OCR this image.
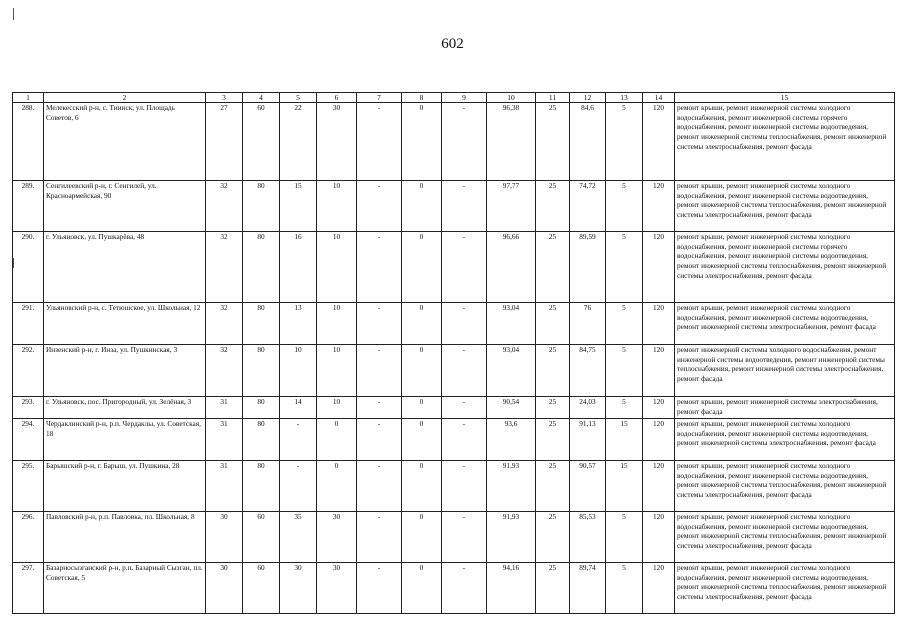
602
1	2	3	4	5	6	7	8	9	10	11	12	13	14	15
288.	Мелекесский р-н, с. Тиинск, ул. Площадь Советов, 6	27	60	22	30	-	0	-	96,38	25	84,6	5	120	ремонт крыши, ремонт инженерной системы холодного водоснабжения, ремонт инженерной системы горячего водоснабжения, ремонт инженерной системы водоотведения, ремонт инженерной системы теплоснабжения, ремонт инженерной системы электроснабжения, ремонт фасада
289.	Сенгилеевский р-н, г. Сенгилей, ул. Красноармейская, 90	32	80	15	10	-	0	-	97,77	25	74,72	5	120	ремонт крыши, ремонт инженерной системы холодного водоснабжения, ремонт инженерной системы водоотведения, ремонт инженерной системы теплоснабжения, ремонт инженерной системы электроснабжения, ремонт фасада
290.	г. Ульяновск, ул. Пушкарёва, 48	32	80	16	10	-	0	-	96,66	25	89,59	5	120	ремонт крыши, ремонт инженерной системы холодного водоснабжения, ремонт инженерной системы горячего водоснабжения, ремонт инженерной системы водоотведения, ремонт инженерной системы теплоснабжения, ремонт инженерной системы электроснабжения, ремонт фасада
291.	Ульяновский р-н, с. Тетюшское, ул. Школьная, 12	32	80	13	10	-	0	-	93,04	25	76	5	120	ремонт крыши, ремонт инженерной системы холодного водоснабжения, ремонт инженерной системы водоотведения, ремонт инженерной системы электроснабжения, ремонт фасада
292.	Инзенский р-н, г. Инза, ул. Пушкинская, 3	32	80	10	10	-	0	-	93,04	25	84,75	5	120	ремонт инженерной системы холодного водоснабжения, ремонт инженерной системы водоотведения, ремонт инженерной системы теплоснабжения, ремонт инженерной системы электроснабжения, ремонт фасада
293.	г. Ульяновск, пос. Пригородный, ул. Зелёная, 3	31	80	14	10	-	0	-	90,54	25	24,03	5	120	ремонт крыши, ремонт инженерной системы электроснабжения, ремонт фасада
294.	Чердаклинский р-н, р.п. Чердаклы, ул. Советская, 18	31	80	-	0	-	0	-	93,6	25	91,13	15	120	ремонт крыши, ремонт инженерной системы холодного водоснабжения, ремонт инженерной системы водоотведения, ремонт инженерной системы электроснабжения, ремонт фасада
295.	Барышский р-н, г. Барыш, ул. Пушкина, 28	31	80	-	0	-	0	-	91,93	25	90,57	15	120	ремонт крыши, ремонт инженерной системы холодного водоснабжения, ремонт инженерной системы водоотведения, ремонт инженерной системы теплоснабжения, ремонт инженерной системы электроснабжения, ремонт фасада
296.	Павловский р-н, р.п. Павловка, пл. Школьная, 8	30	60	35	30	-	0	-	91,93	25	85,53	5	120	ремонт крыши, ремонт инженерной системы холодного водоснабжения, ремонт инженерной системы водоотведения, ремонт инженерной системы теплоснабжения, ремонт инженерной системы электроснабжения, ремонт фасада
297.	Базарносызганский р-н, р.п. Базарный Сызган, пл. Советская, 5	30	60	30	30	-	0	-	94,16	25	89,74	5	120	ремонт крыши, ремонт инженерной системы холодного водоснабжения, ремонт инженерной системы водоотведения, ремонт инженерной системы теплоснабжения, ремонт инженерной системы электроснабжения, ремонт фасада
